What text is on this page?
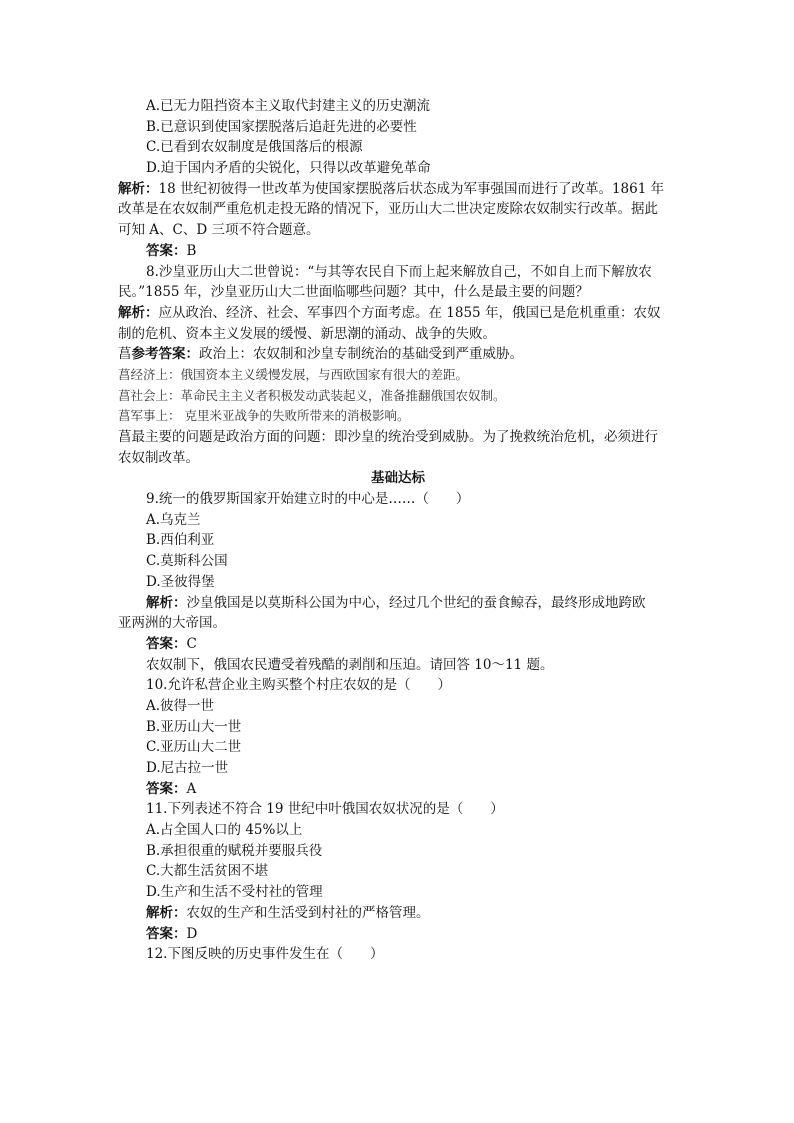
A.已无力阻挡资本主义取代封建主义的历史潮流
B.已意识到使国家摆脱落后追赶先进的必要性
C.已看到农奴制度是俄国落后的根源
D.迫于国内矛盾的尖锐化，只得以改革避免革命
解析：18 世纪初彼得一世改革为使国家摆脱落后状态成为军事强国而进行了改革。1861 年
改革是在农奴制严重危机走投无路的情况下，亚历山大二世决定废除农奴制实行改革。据此
可知 A、C、D 三项不符合题意。
答案：B
8.沙皇亚历山大二世曾说：“与其等农民自下而上起来解放自己，不如自上而下解放农
民。”1855 年，沙皇亚历山大二世面临哪些问题？其中，什么是最主要的问题？
解析：应从政治、经济、社会、军事四个方面考虑。在 1855 年，俄国已是危机重重：农奴
制的危机、资本主义发展的缓慢、新思潮的涌动、战争的失败。
菖参考答案：政治上：农奴制和沙皇专制统治的基础受到严重威胁。
菖经济上：俄国资本主义缓慢发展，与西欧国家有很大的差距。
菖社会上：革命民主主义者积极发动武装起义，准备推翻俄国农奴制。
菖军事上： 克里米亚战争的失败所带来的消极影响。
菖最主要的问题是政治方面的问题：即沙皇的统治受到威胁。为了挽救统治危机，必须进行
农奴制改革。
基础达标
9.统一的俄罗斯国家开始建立时的中心是……（　　）
A.乌克兰
B.西伯利亚
C.莫斯科公国
D.圣彼得堡
解析：沙皇俄国是以莫斯科公国为中心，经过几个世纪的蚕食鲸吞，最终形成地跨欧
亚两洲的大帝国。
答案：C
农奴制下，俄国农民遭受着残酷的剥削和压迫。请回答 10～11 题。
10.允许私营企业主购买整个村庄农奴的是（　　）
A.彼得一世
B.亚历山大一世
C.亚历山大二世
D.尼古拉一世
答案：A
11.下列表述不符合 19 世纪中叶俄国农奴状况的是（　　）
A.占全国人口的 45%以上
B.承担很重的赋税并要服兵役
C.大都生活贫困不堪
D.生产和生活不受村社的管理
解析：农奴的生产和生活受到村社的严格管理。
答案：D
12.下图反映的历史事件发生在（　　）
